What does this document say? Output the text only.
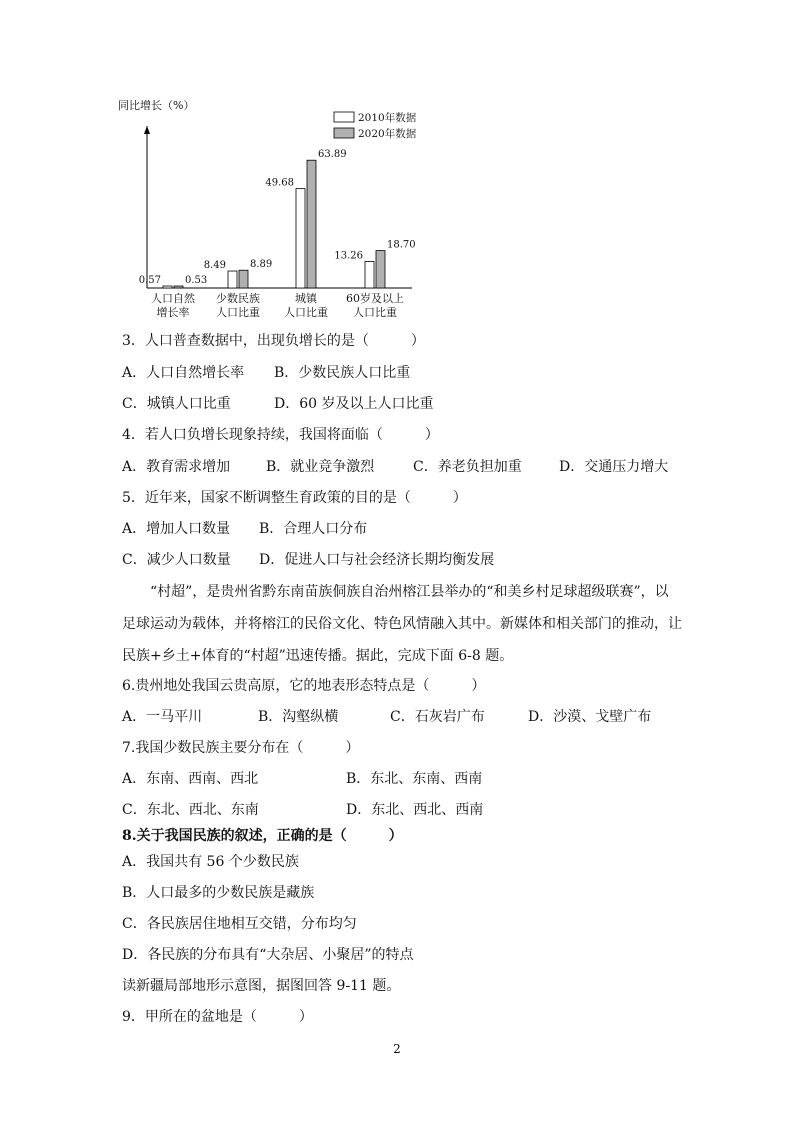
同比增长（%）
2010年数据
2020年数据
0.57 0.53
人口自然
增长率
8.49 8.89
少数民族
人口比重
49.68
63.89
城镇
人口比重
13.26
18.70
60岁及以上
人口比重
3．人口普查数据中，出现负增长的是（　　　）
A．人口自然增长率 B．少数民族人口比重
C．城镇人口比重	D．60 岁及以上人口比重
4．若人口负增长现象持续，我国将面临（　　　）
A．教育需求增加	B．就业竞争激烈	C．养老负担加重	D．交通压力增大
5．近年来，国家不断调整生育政策的目的是（　　　）
A．增加人口数量 B．合理人口分布
C．减少人口数量 D．促进人口与社会经济长期均衡发展
“村超”，是贵州省黔东南苗族侗族自治州榕江县举办的“和美乡村足球超级联赛”，以足球运动为载体，并将榕江的民俗文化、特色风情融入其中。新媒体和相关部门的推动，让民族+乡土+体育的“村超”迅速传播。据此，完成下面 6-8 题。
6.贵州地处我国云贵高原，它的地表形态特点是（　　　）
A．一马平川	B．沟壑纵横	C．石灰岩广布	D．沙漠、戈壁广布
7.我国少数民族主要分布在（　　　）
A．东南、西南、西北	B．东北、东南、西南
C．东北、西北、东南	D．东北、西北、西南
8.关于我国民族的叙述，正确的是（　　　）
A．我国共有 56 个少数民族
B．人口最多的少数民族是藏族
C．各民族居住地相互交错，分布均匀
D．各民族的分布具有“大杂居、小聚居”的特点
读新疆局部地形示意图，据图回答 9-11 题。
9．甲所在的盆地是（　　　）
2
